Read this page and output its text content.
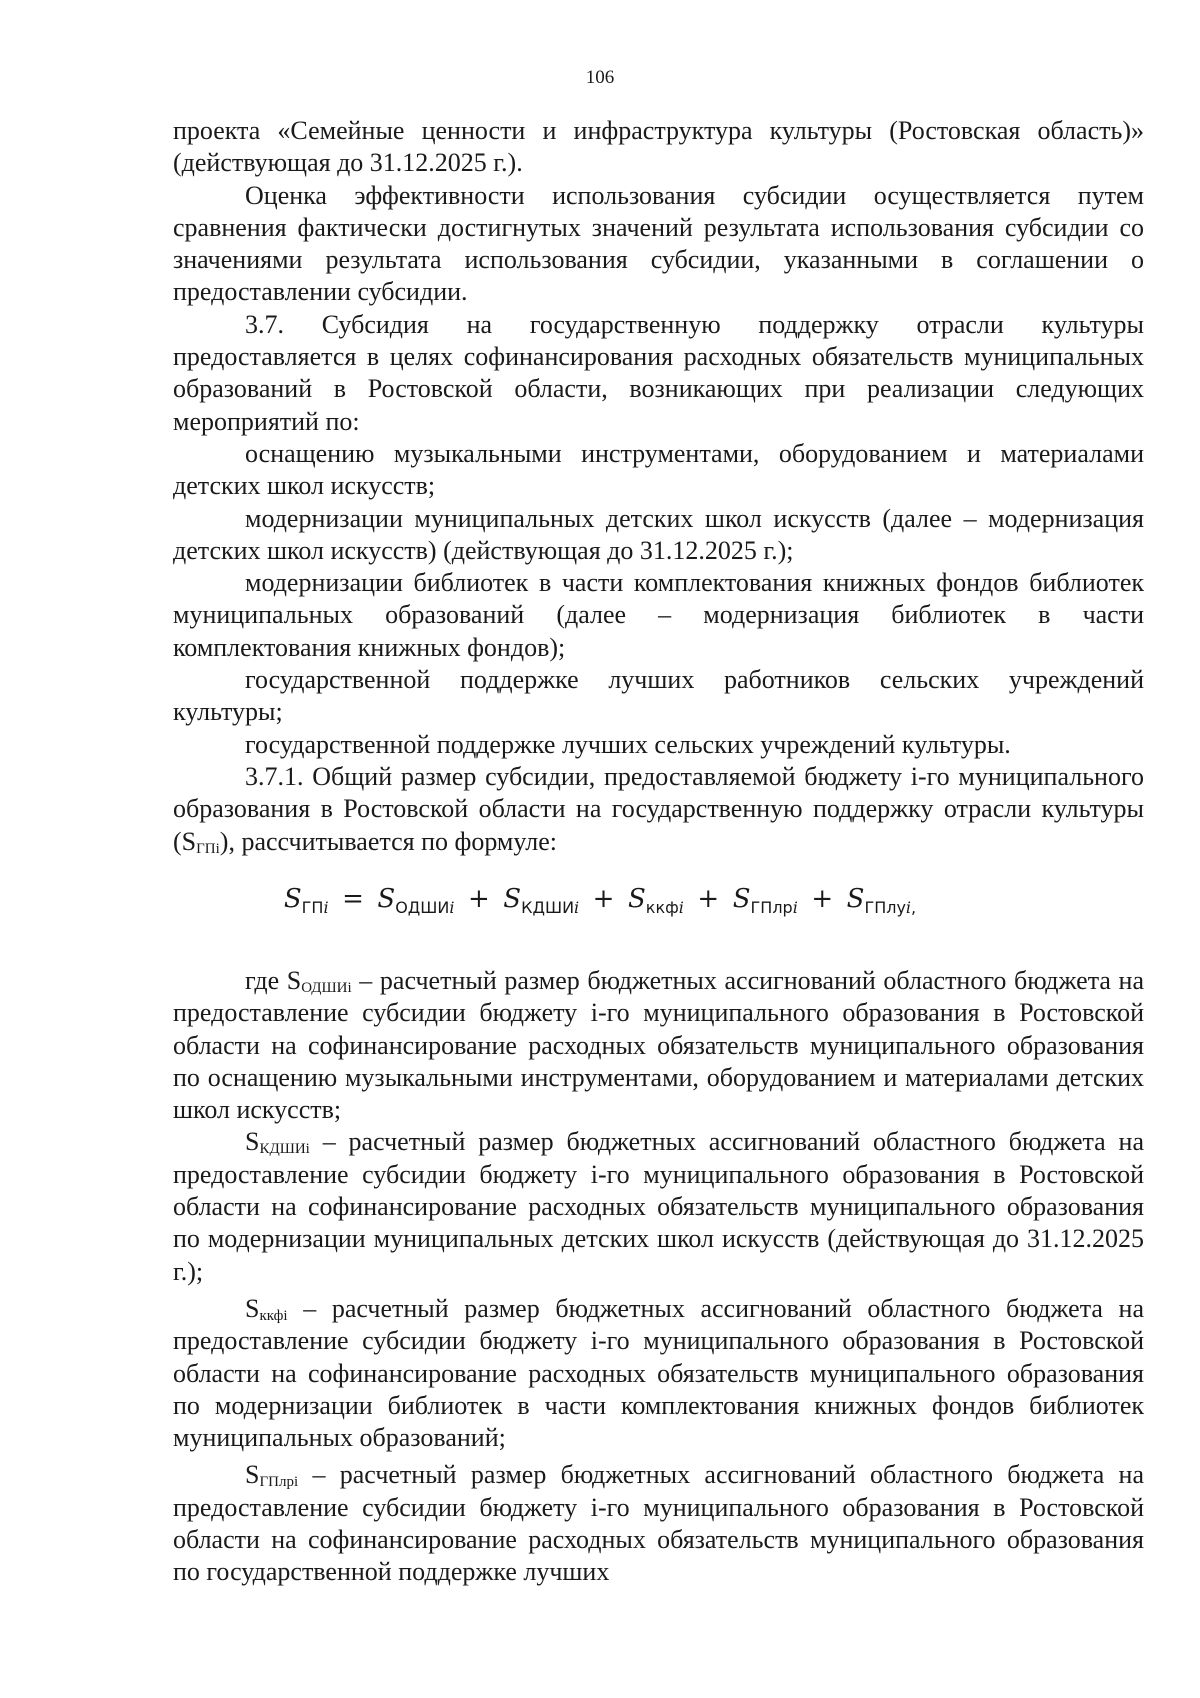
106

проекта «Семейные ценности и инфраструктура культуры (Ростовская область)» (действующая до 31.12.2025 г.).

Оценка эффективности использования субсидии осуществляется путем сравнения фактически достигнутых значений результата использования субсидии со значениями результата использования субсидии, указанными в соглашении о предоставлении субсидии.

3.7. Субсидия на государственную поддержку отрасли культуры предоставляется в целях софинансирования расходных обязательств муниципальных образований в Ростовской области, возникающих при реализации следующих мероприятий по:

оснащению музыкальными инструментами, оборудованием и материалами детских школ искусств;

модернизации муниципальных детских школ искусств (далее – модернизация детских школ искусств) (действующая до 31.12.2025 г.);

модернизации библиотек в части комплектования книжных фондов библиотек муниципальных образований (далее – модернизация библиотек в части комплектования книжных фондов);

государственной поддержке лучших работников сельских учреждений культуры;

государственной поддержке лучших сельских учреждений культуры.

3.7.1. Общий размер субсидии, предоставляемой бюджету i-го муниципального образования в Ростовской области на государственную поддержку отрасли культуры $(S_{ГПi})$, рассчитывается по формуле:

$S_{ГПi} = S_{ОДШИi} + S_{КДШИi} + S_{ккфi} + S_{ГПлрi} + S_{ГПлуi,}$

где $S_{ОДШИi}$ – расчетный размер бюджетных ассигнований областного бюджета на предоставление субсидии бюджету i-го муниципального образования в Ростовской области на софинансирование расходных обязательств муниципального образования по оснащению музыкальными инструментами, оборудованием и материалами детских школ искусств;

$S_{КДШИi}$ – расчетный размер бюджетных ассигнований областного бюджета на предоставление субсидии бюджету i-го муниципального образования в Ростовской области на софинансирование расходных обязательств муниципального образования по модернизации муниципальных детских школ искусств (действующая до 31.12.2025 г.);

$S_{ккфi}$ – расчетный размер бюджетных ассигнований областного бюджета на предоставление субсидии бюджету i-го муниципального образования в Ростовской области на софинансирование расходных обязательств муниципального образования по модернизации библиотек в части комплектования книжных фондов библиотек муниципальных образований;

$S_{ГПлрi}$ – расчетный размер бюджетных ассигнований областного бюджета на предоставление субсидии бюджету i-го муниципального образования в Ростовской области на софинансирование расходных обязательств муниципального образования по государственной поддержке лучших
